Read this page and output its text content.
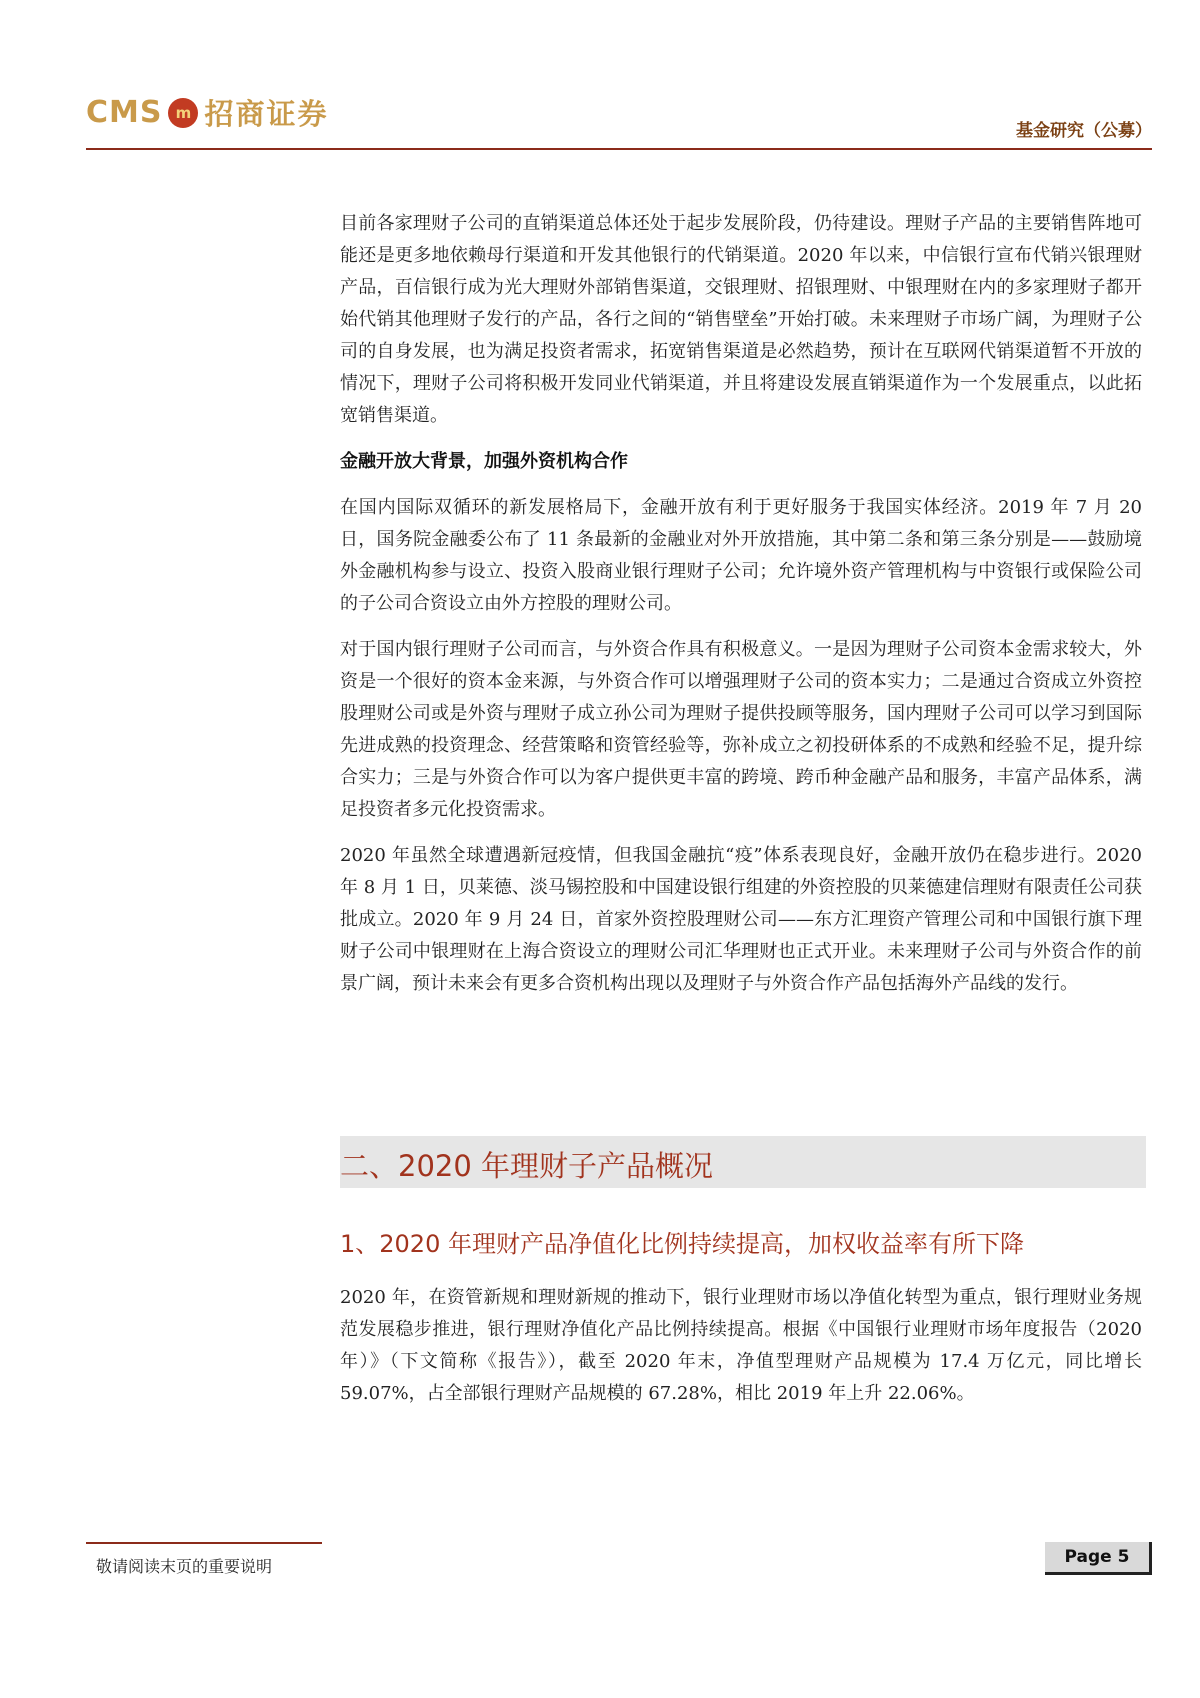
CMS m 招商证券	基金研究（公募）

目前各家理财子公司的直销渠道总体还处于起步发展阶段，仍待建设。理财子产品的主要销售阵地可能还是更多地依赖母行渠道和开发其他银行的代销渠道。2020 年以来，中信银行宣布代销兴银理财产品，百信银行成为光大理财外部销售渠道，交银理财、招银理财、中银理财在内的多家理财子都开始代销其他理财子发行的产品，各行之间的“销售壁垒”开始打破。未来理财子市场广阔，为理财子公司的自身发展，也为满足投资者需求，拓宽销售渠道是必然趋势，预计在互联网代销渠道暂不开放的情况下，理财子公司将积极开发同业代销渠道，并且将建设发展直销渠道作为一个发展重点，以此拓宽销售渠道。

金融开放大背景，加强外资机构合作

在国内国际双循环的新发展格局下，金融开放有利于更好服务于我国实体经济。2019 年 7 月 20 日，国务院金融委公布了 11 条最新的金融业对外开放措施，其中第二条和第三条分别是——鼓励境外金融机构参与设立、投资入股商业银行理财子公司；允许境外资产管理机构与中资银行或保险公司的子公司合资设立由外方控股的理财公司。

对于国内银行理财子公司而言，与外资合作具有积极意义。一是因为理财子公司资本金需求较大，外资是一个很好的资本金来源，与外资合作可以增强理财子公司的资本实力；二是通过合资成立外资控股理财公司或是外资与理财子成立孙公司为理财子提供投顾等服务，国内理财子公司可以学习到国际先进成熟的投资理念、经营策略和资管经验等，弥补成立之初投研体系的不成熟和经验不足，提升综合实力；三是与外资合作可以为客户提供更丰富的跨境、跨币种金融产品和服务，丰富产品体系，满足投资者多元化投资需求。

2020 年虽然全球遭遇新冠疫情，但我国金融抗“疫”体系表现良好，金融开放仍在稳步进行。2020 年 8 月 1 日，贝莱德、淡马锡控股和中国建设银行组建的外资控股的贝莱德建信理财有限责任公司获批成立。2020 年 9 月 24 日，首家外资控股理财公司——东方汇理资产管理公司和中国银行旗下理财子公司中银理财在上海合资设立的理财公司汇华理财也正式开业。未来理财子公司与外资合作的前景广阔，预计未来会有更多合资机构出现以及理财子与外资合作产品包括海外产品线的发行。

二、2020 年理财子产品概况
1、2020 年理财产品净值化比例持续提高，加权收益率有所下降

2020 年，在资管新规和理财新规的推动下，银行业理财市场以净值化转型为重点，银行理财业务规范发展稳步推进，银行理财净值化产品比例持续提高。根据《中国银行业理财市场年度报告（2020 年）》（下文简称《报告》），截至 2020 年末，净值型理财产品规模为 17.4 万亿元，同比增长 59.07%，占全部银行理财产品规模的 67.28%，相比 2019 年上升 22.06%。

敬请阅读末页的重要说明	Page 5
